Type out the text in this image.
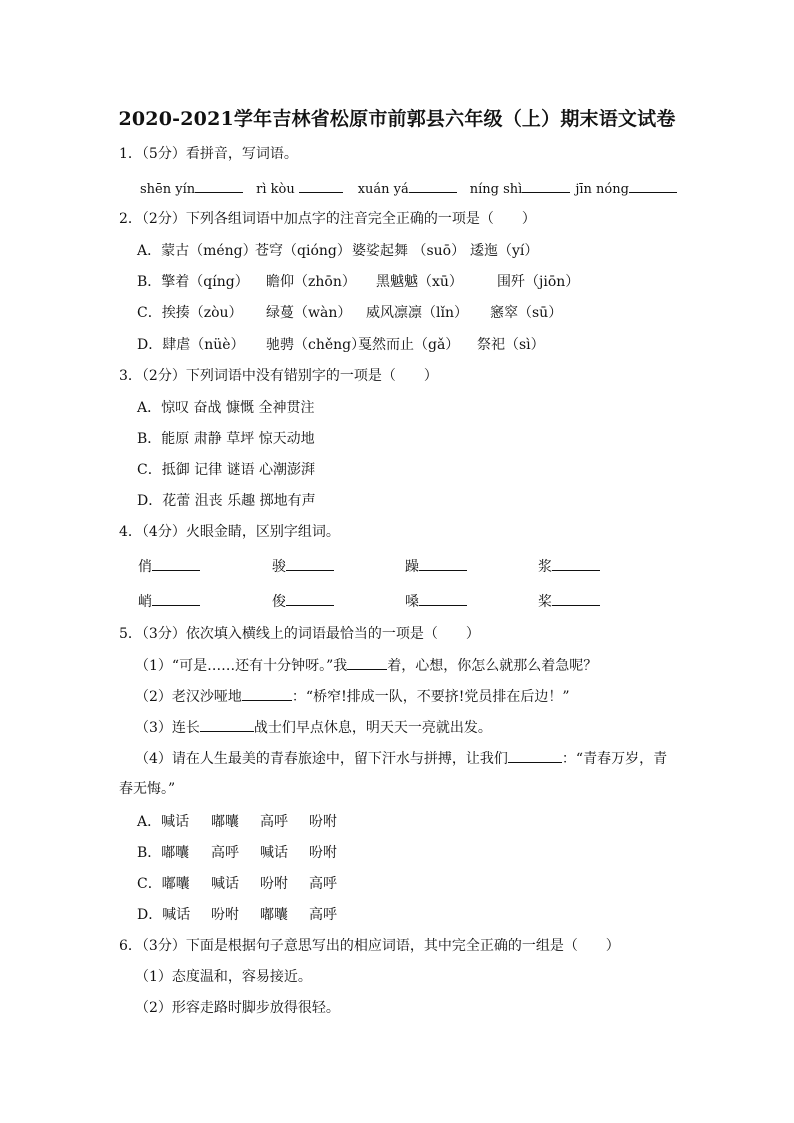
2020-2021学年吉林省松原市前郭县六年级（上）期末语文试卷
1．（5分）看拼音，写词语。
shēn yín	rì kòu	xuán yá	níng shì	jīn nóng
2．（2分）下列各组词语中加点字的注音完全正确的一项是（　　）
A．蒙古（méng）
苍穹（qióng） 婆娑起舞 （suō） 逶迤（yí）
B．擎着（qíng） 瞻仰（zhōn） 黑魆魆（xū） 围歼（jiōn）
C．挨揍（zòu） 绿蔓（wàn） 威风凛凛（lǐn） 窸窣（sū）
D．肆虐（nüè） 驰骋（chěng）
戛然而止（gǎ） 祭祀（sì）
3．（2分）下列词语中没有错别字的一项是（　　）
A．惊叹 奋战 慷慨 全神贯注
B．能原 肃静 草坪 惊天动地
C．抵御 记律 谜语 心潮澎湃
D．花蕾 沮丧 乐趣 掷地有声
4．（4分）火眼金睛，区别字组词。
俏	骏	躁	浆
峭	俊	嗓	桨
5．（3分）依次填入横线上的词语最恰当的一项是（　　）
（1）“可是……还有十分钟呀。”我	着，心想，你怎么就那么着急呢？
（2）老汉沙哑地	：“桥窄!排成一队，不要挤!党员排在后边！”
（3）连长	战士们早点休息，明天天一亮就出发。
（4）请在人生最美的青春旅途中，留下汗水与拼搏，让我们	：“青春万岁，青
春无悔。”
A．喊话 嘟囔 高呼 吩咐
B．嘟囔 高呼 喊话 吩咐
C．嘟囔 喊话 吩咐 高呼
D．喊话 吩咐 嘟囔 高呼
6．（3分）下面是根据句子意思写出的相应词语，其中完全正确的一组是（　　）
（1）态度温和，容易接近。
（2）形容走路时脚步放得很轻。
